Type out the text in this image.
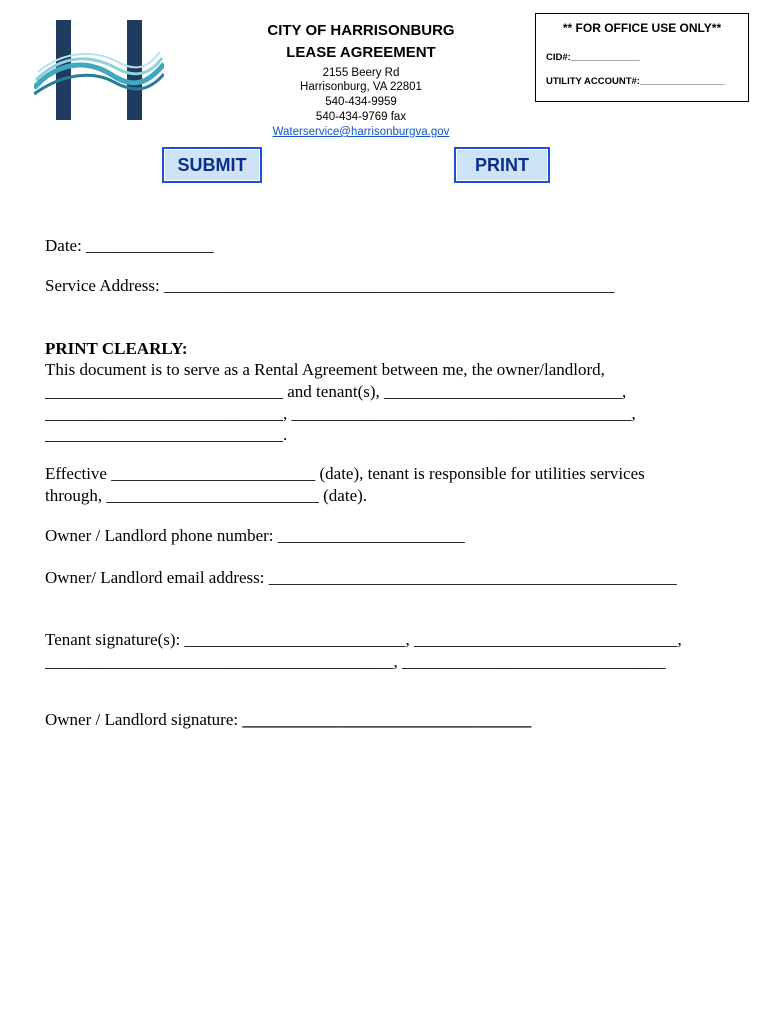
CITY OF HARRISONBURG
LEASE AGREEMENT
2155 Beery Rd
Harrisonburg, VA 22801
540-434-9959
540-434-9769 fax
Waterservice@harrisonburgva.gov
** FOR OFFICE USE ONLY**
CID#:_____________
UTILITY ACCOUNT#:________________
SUBMIT	PRINT
Date: _______________
Service Address: _____________________________________________________
PRINT CLEARLY:
This document is to serve as a Rental Agreement between me, the owner/landlord,
____________________________ and tenant(s), ____________________________,
____________________________, ________________________________________,
____________________________.
Effective ________________________ (date), tenant is responsible for utilities services
through, _________________________ (date).
Owner / Landlord phone number: ______________________
Owner/ Landlord email address: ________________________________________________
Tenant signature(s): __________________________, _______________________________,
_________________________________________, _______________________________
Owner / Landlord signature: __________________________________
